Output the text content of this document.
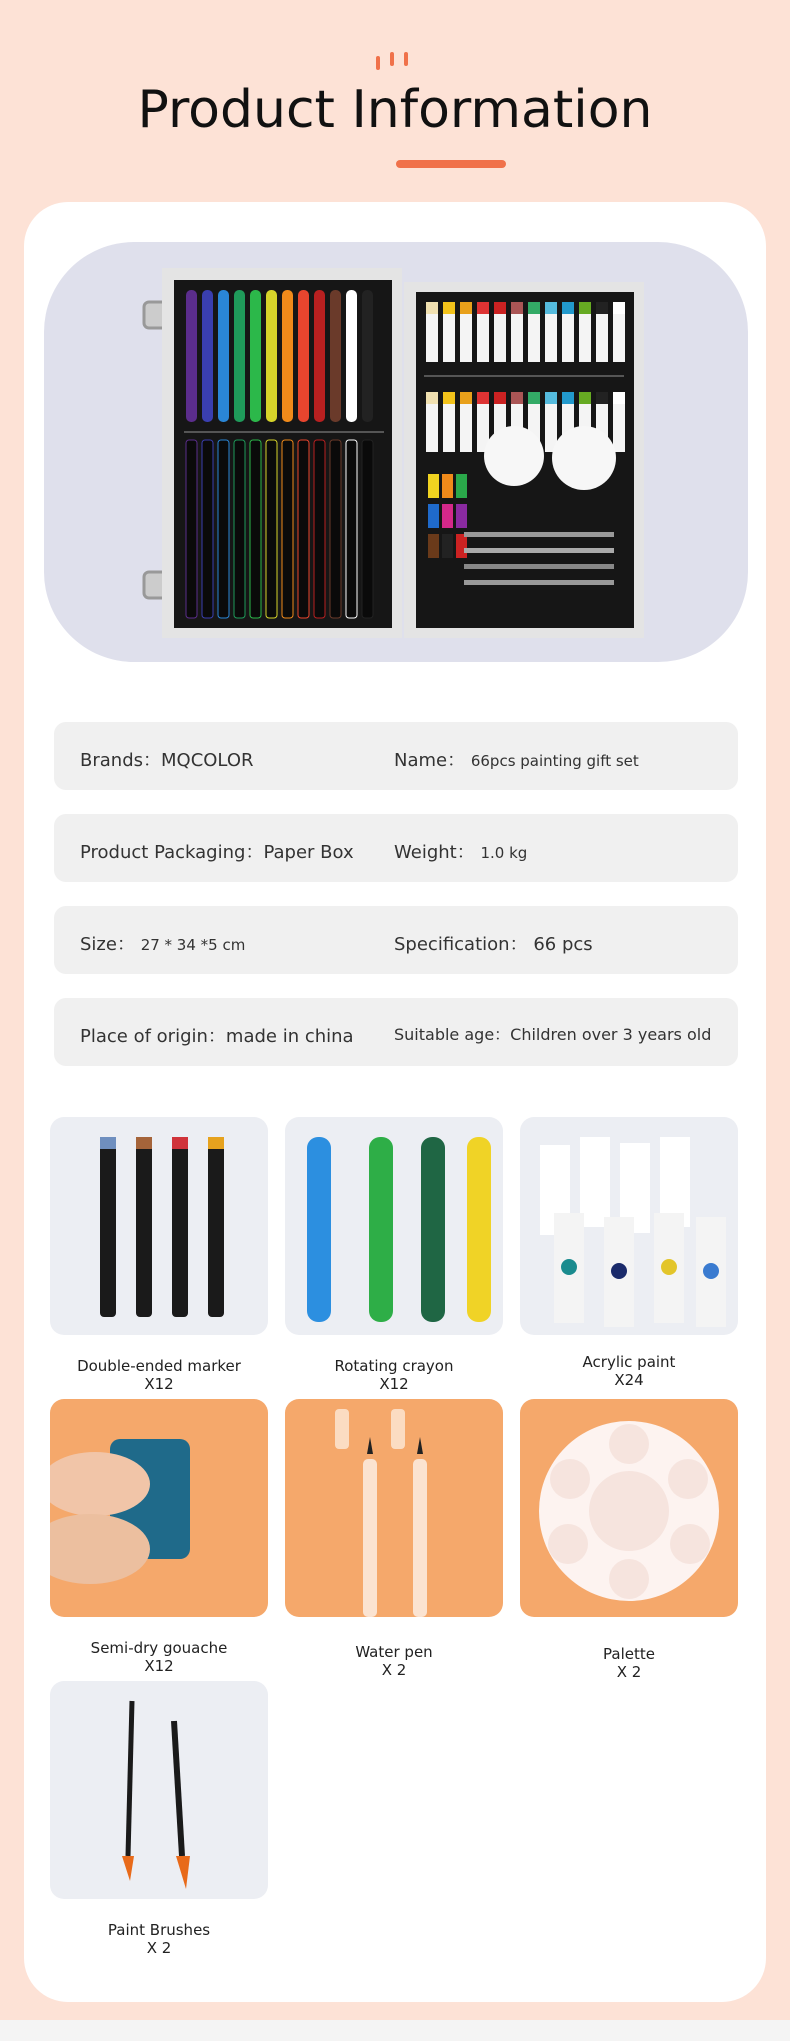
Product Information
Brands：MQCOLOR	Name： 66pcs painting gift set
Product Packaging：Paper Box Weight： 1.0 kg
Size： 27 * 34 *5 cm	Specification： 66 pcs
Place of origin：made in china	Suitable age：Children over 3 years old
Double-ended marker
X12
Rotating crayon
X12
Acrylic paint
X24
Semi-dry gouache
X12
Water pen
X 2
Palette
X 2
Paint Brushes
X 2
